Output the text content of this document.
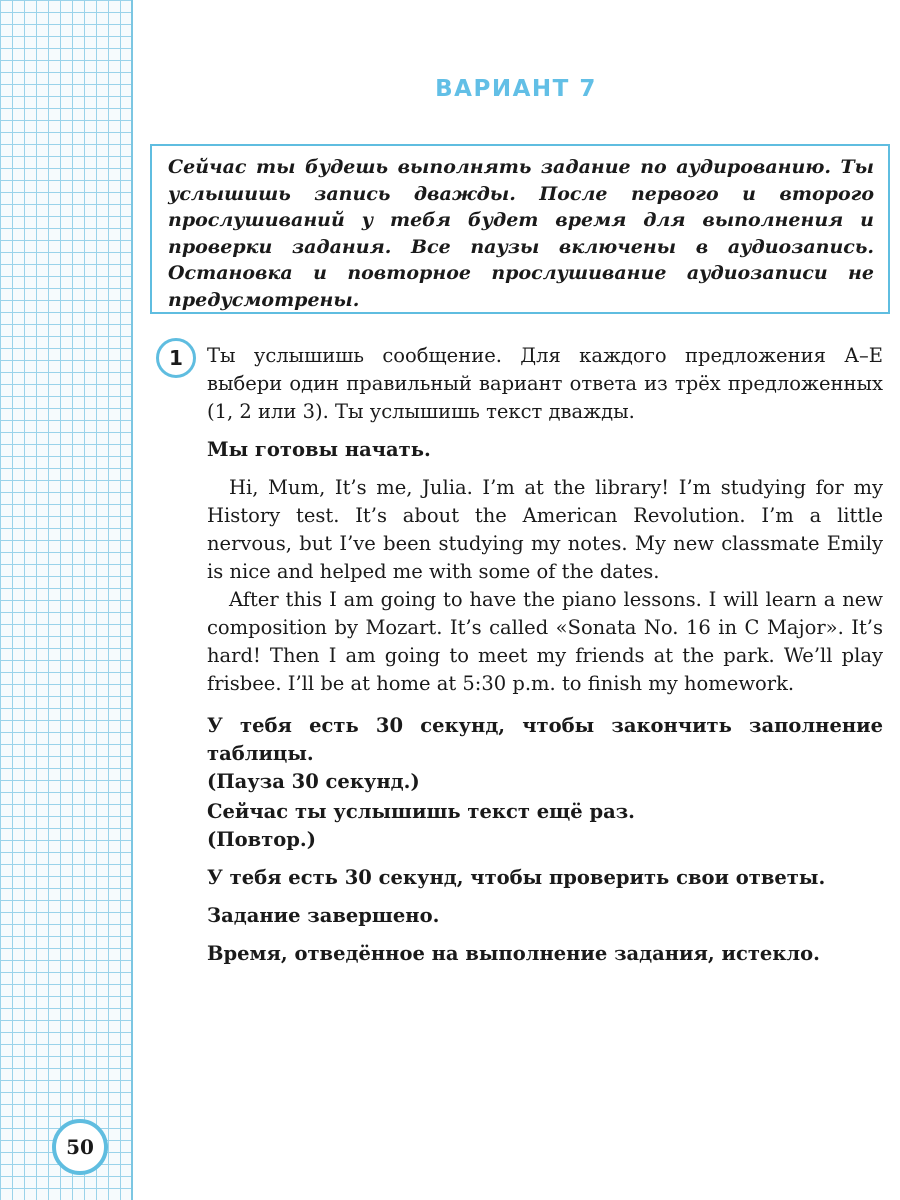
50
ВАРИАНТ 7

Сейчас ты будешь выполнять задание по аудированию. Ты услышишь запись дважды. После первого и второго прослушиваний у тебя будет время для выполнения и проверки задания. Все паузы включены в аудиозапись. Остановка и повторное прослушивание аудиозаписи не предусмотрены.

1	Ты услышишь сообщение. Для каждого предложения А–Е выбери один правильный вариант ответа из трёх предложенных (1, 2 или 3). Ты услышишь текст дважды.

Мы готовы начать.

Hi, Mum, It’s me, Julia. I’m at the library! I’m studying for my History test. It’s about the American Revolution. I’m a little nervous, but I’ve been studying my notes. My new classmate Emily is nice and helped me with some of the dates.

After this I am going to have the piano lessons. I will learn a new composition by Mozart. It’s called «Sonata No. 16 in C Major». It’s hard! Then I am going to meet my friends at the park. We’ll play frisbee. I’ll be at home at 5:30 p.m. to finish my homework.

У тебя есть 30 секунд, чтобы закончить заполнение таблицы.

(Пауза 30 секунд.)

Сейчас ты услышишь текст ещё раз.

(Повтор.)

У тебя есть 30 секунд, чтобы проверить свои ответы.

Задание завершено.

Время, отведённое на выполнение задания, истекло.
